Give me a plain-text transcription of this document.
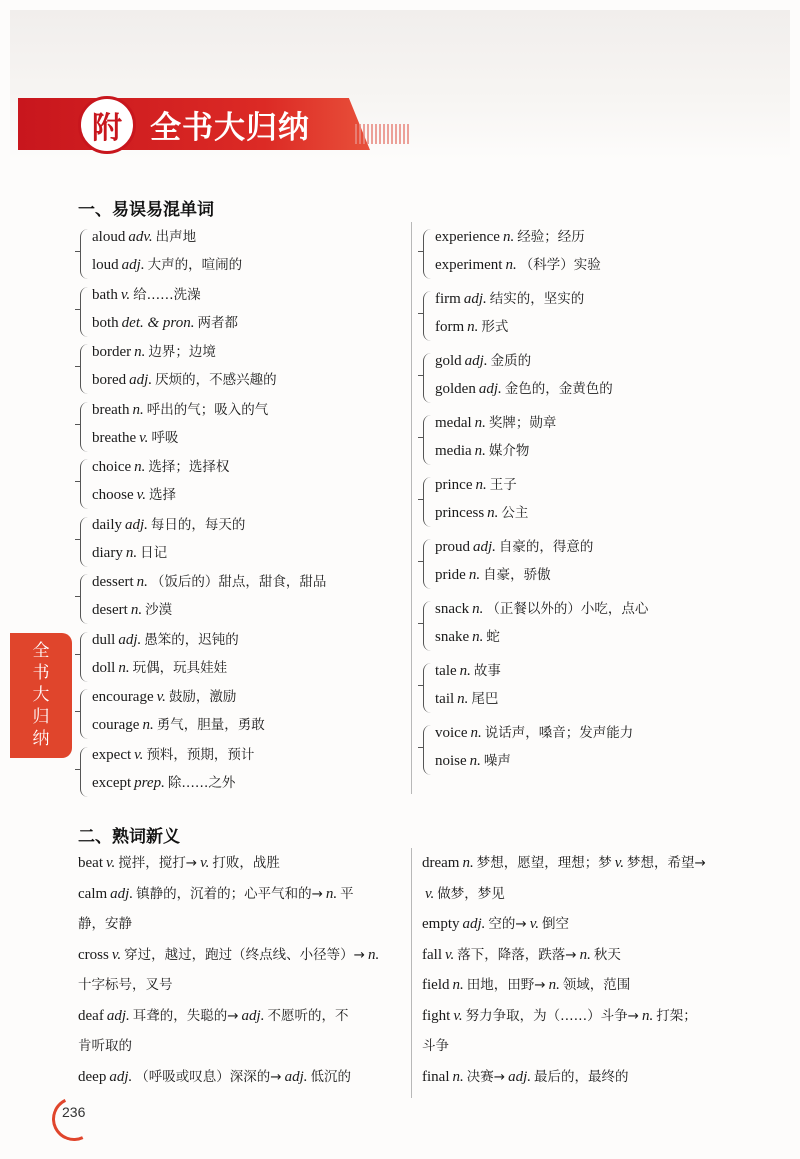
附 全书大归纳
全书大归纳
一、易误易混单词
aloud adv. 出声地
loud adj. 大声的，喧闹的
bath v. 给……洗澡
both det. & pron. 两者都
border n. 边界；边境
bored adj. 厌烦的，不感兴趣的
breath n. 呼出的气；吸入的气
breathe v. 呼吸
choice n. 选择；选择权
choose v. 选择
daily adj. 每日的，每天的
diary n. 日记
dessert n. （饭后的）甜点，甜食，甜品
desert n. 沙漠
dull adj. 愚笨的，迟钝的
doll n. 玩偶，玩具娃娃
encourage v. 鼓励，激励
courage n. 勇气，胆量，勇敢
expect v. 预料，预期，预计
except prep. 除……之外
experience n. 经验；经历
experiment n. （科学）实验
firm adj. 结实的，坚实的
form n. 形式
gold adj. 金质的
golden adj. 金色的，金黄色的
medal n. 奖牌；勋章
media n. 媒介物
prince n. 王子
princess n. 公主
proud adj. 自豪的，得意的
pride n. 自豪，骄傲
snack n. （正餐以外的）小吃，点心
snake n. 蛇
tale n. 故事
tail n. 尾巴
voice n. 说话声，嗓音；发声能力
noise n. 噪声
二、熟词新义
beat v. 搅拌，搅打→ v. 打败，战胜
calm adj. 镇静的，沉着的；心平气和的→ n. 平
静，安静
cross v. 穿过，越过，跑过（终点线、小径等）→ n.
十字标号，叉号
deaf adj. 耳聋的，失聪的→ adj. 不愿听的，不
肯听取的
deep adj. （呼吸或叹息）深深的→ adj. 低沉的
dream n. 梦想，愿望，理想；梦 v. 梦想，希望→
v. 做梦，梦见
empty adj. 空的→ v. 倒空
fall v. 落下，降落，跌落→ n. 秋天
field n. 田地，田野→ n. 领域，范围
fight v. 努力争取，为（……）斗争→ n. 打架；
斗争
final n. 决赛→ adj. 最后的，最终的
236
